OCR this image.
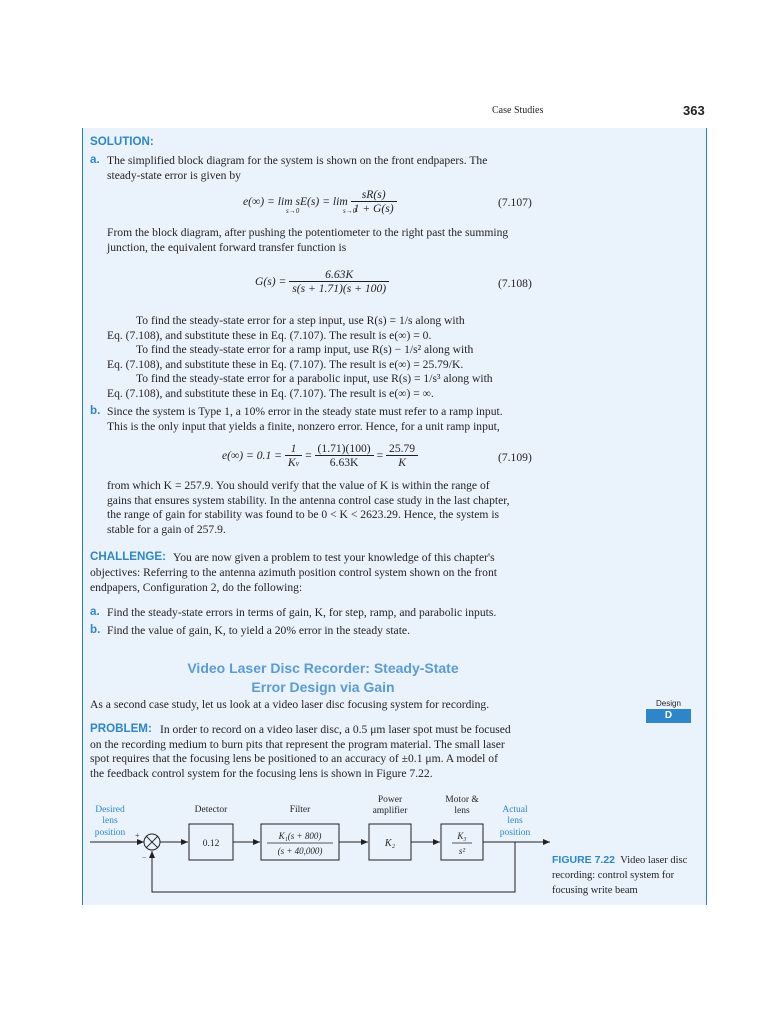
Case Studies	363
SOLUTION:
a. The simplified block diagram for the system is shown on the front endpapers. The
steady-state error is given by
$e(\infty) = \lim sE(s) = \lim \frac{sR(s)}{1 + G(s)}$
s→0	s→0
(7.107)
From the block diagram, after pushing the potentiometer to the right past the summing
junction, the equivalent forward transfer function is
$G(s) = \frac{6.63K}{s(s + 1.71)(s + 100)}$	(7.108)
To find the steady-state error for a step input, use R(s) = 1/s along with
Eq. (7.108), and substitute these in Eq. (7.107). The result is e(∞) = 0.
To find the steady-state error for a ramp input, use R(s) − 1/s² along with
Eq. (7.108), and substitute these in Eq. (7.107). The result is e(∞) = 25.79/K.
To find the steady-state error for a parabolic input, use R(s) = 1/s³ along with
Eq. (7.108), and substitute these in Eq. (7.107). The result is e(∞) = ∞.
b. Since the system is Type 1, a 10% error in the steady state must refer to a ramp input.
This is the only input that yields a finite, nonzero error. Hence, for a unit ramp input,
$e(\infty) = 0.1 = \frac{1}{Kv} = \frac{(1.71)(100)}{6.63K} = \frac{25.79}{K}$	(7.109)
from which K = 257.9. You should verify that the value of K is within the range of
gains that ensures system stability. In the antenna control case study in the last chapter,
the range of gain for stability was found to be 0 < K < 2623.29. Hence, the system is
stable for a gain of 257.9.
CHALLENGE: You are now given a problem to test your knowledge of this chapter's
objectives: Referring to the antenna azimuth position control system shown on the front
endpapers, Configuration 2, do the following:
a. Find the steady-state errors in terms of gain, K, for step, ramp, and parabolic inputs.
b. Find the value of gain, K, to yield a 20% error in the steady state.
Video Laser Disc Recorder: Steady-State
Error Design via Gain
As a second case study, let us look at a video laser disc focusing system for recording.	Design
D
PROBLEM: In order to record on a video laser disc, a 0.5 μm laser spot must be focused
on the recording medium to burn pits that represent the program material. The small laser
spot requires that the focusing lens be positioned to an accuracy of ±0.1 μm. A model of
the feedback control system for the focusing lens is shown in Figure 7.22.
Desired
lens
position +
−
Detector
0.12
Filter
K₁(s + 800)
(s + 40,000)
Power
amplifier
K₂
Motor &
lens
K₃
s²
Actual
lens
position
FIGURE 7.22 Video laser disc recording: control system for focusing write beam
